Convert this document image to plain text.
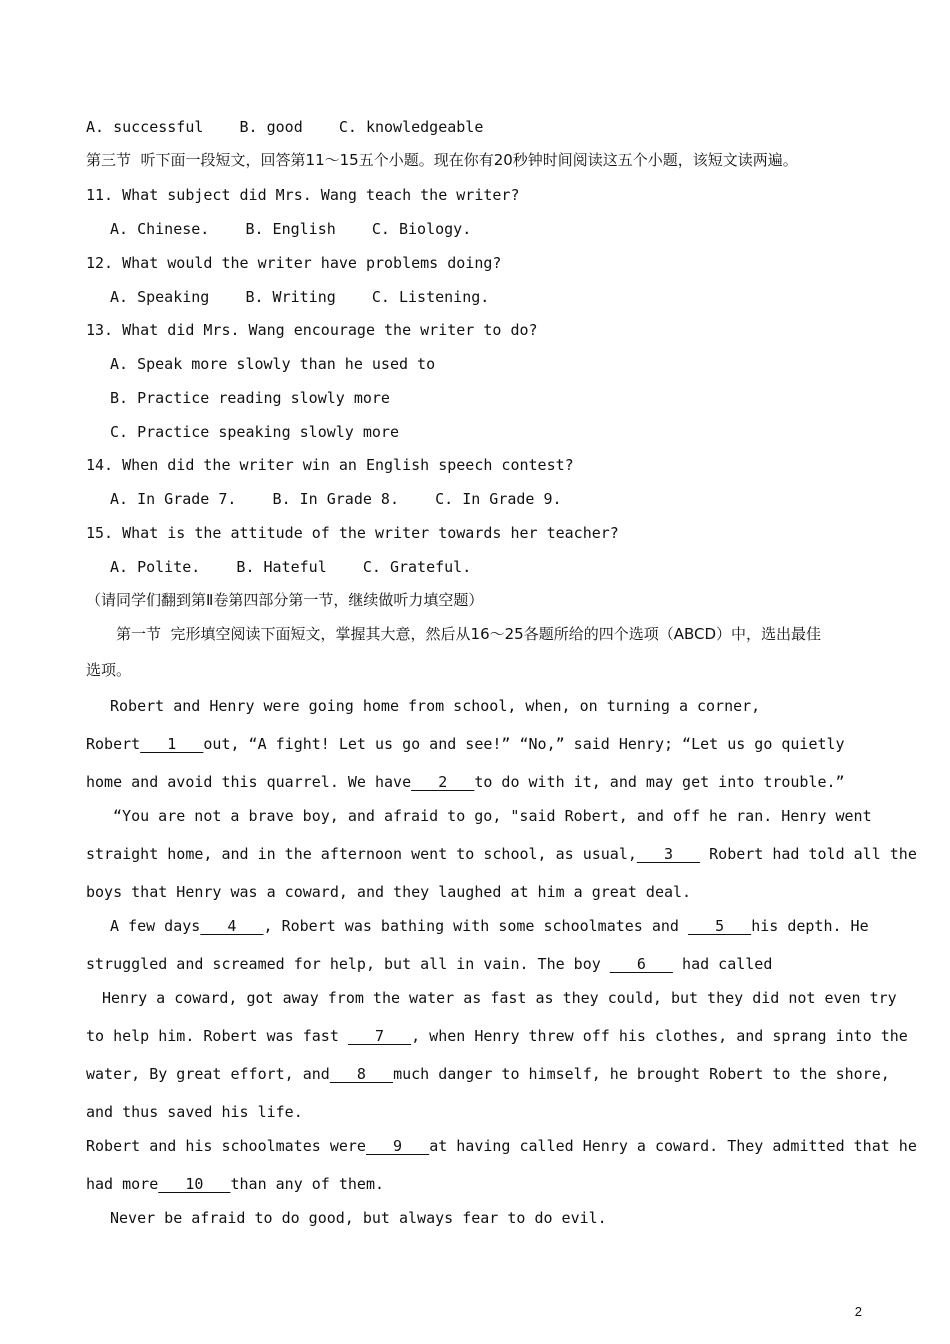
A. successful    B. good    C. knowledgeable
第三节  听下面一段短文，回答第11～15五个小题。现在你有20秒钟时间阅读这五个小题，该短文读两遍。
11. What subject did Mrs. Wang teach the writer?
A. Chinese.    B. English    C. Biology.
12. What would the writer have problems doing?
A. Speaking    B. Writing    C. Listening.
13. What did Mrs. Wang encourage the writer to do?
A. Speak more slowly than he used to
B. Practice reading slowly more
C. Practice speaking slowly more
14. When did the writer win an English speech contest?
A. In Grade 7.    B. In Grade 8.    C. In Grade 9.
15. What is the attitude of the writer towards her teacher?
A. Polite.    B. Hateful    C. Grateful.
（请同学们翻到第Ⅱ卷第四部分第一节，继续做听力填空题）
第一节  完形填空阅读下面短文，掌握其大意，然后从16～25各题所给的四个选项（ABCD）中，选出最佳
选项。
Robert and Henry were going home from school, when, on turning a corner,
Robert   1   out, “A fight! Let us go and see!” “No,” said Henry; “Let us go quietly
home and avoid this quarrel. We have   2   to do with it, and may get into trouble.”
“You are not a brave boy, and afraid to go, "said Robert, and off he ran. Henry went
straight home, and in the afternoon went to school, as usual,   3    Robert had told all the
boys that Henry was a coward, and they laughed at him a great deal.
A few days   4   , Robert was bathing with some schoolmates and    5   his depth. He
struggled and screamed for help, but all in vain. The boy    6    had called
Henry a coward, got away from the water as fast as they could, but they did not even try
to help him. Robert was fast    7   , when Henry threw off his clothes, and sprang into the
water, By great effort, and   8   much danger to himself, he brought Robert to the shore,
and thus saved his life.
Robert and his schoolmates were   9   at having called Henry a coward. They admitted that he
had more   10   than any of them.
Never be afraid to do good, but always fear to do evil.
2
